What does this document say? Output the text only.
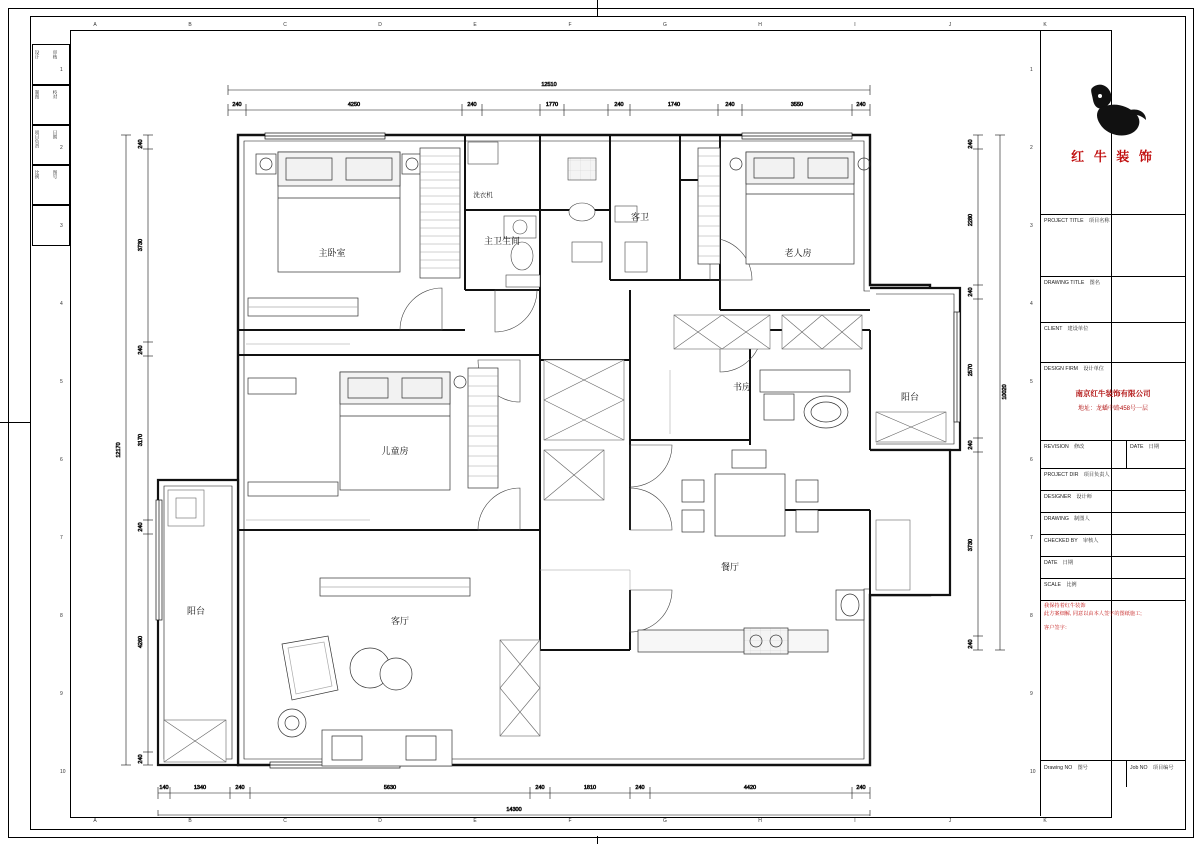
A	B	C	D	E	F	G	H	I	J	K
A	B	C	D	E	F	G	H	I	J	K
1
2
3
4
5
6
7
8
9
10
1
2
3
4
5
6
7
8
9
10
设计	审核
制图	校对
项目负责	日期
比例	图号
主卧室
主卫生间
洗衣机
客卫
老人房
儿童房
书房
阳台
餐厅
客厅
阳台
12510
240	4250	240	1770	240	1740	240	3550	240
140	1340	240	5630	240	1810	240	4420	240
14300
12170
240
3730
240
3170
240
4260
240
10020
240
2280
240
2570
240
3730
240
红 牛 装 饰
PROJECT TITLE　项目名称
DRAWING TITLE　图名
CLIENT　建设单位
DESIGN FIRM　设计单位
南京红牛装饰有限公司
地址：龙蟠中路458号一层
REVISION　修改	DATE　日期
PROJECT DIR　项目负责人
DESIGNER　设计师
DRAWING　制图人
CHECKED BY　审核人
DATE　日期
SCALE　比例
我保持着红牛装饰
此方案细解, 同意以由本人签字的图纸施工;
客户签字：
Drawing NO　图号	Job NO　项目编号
